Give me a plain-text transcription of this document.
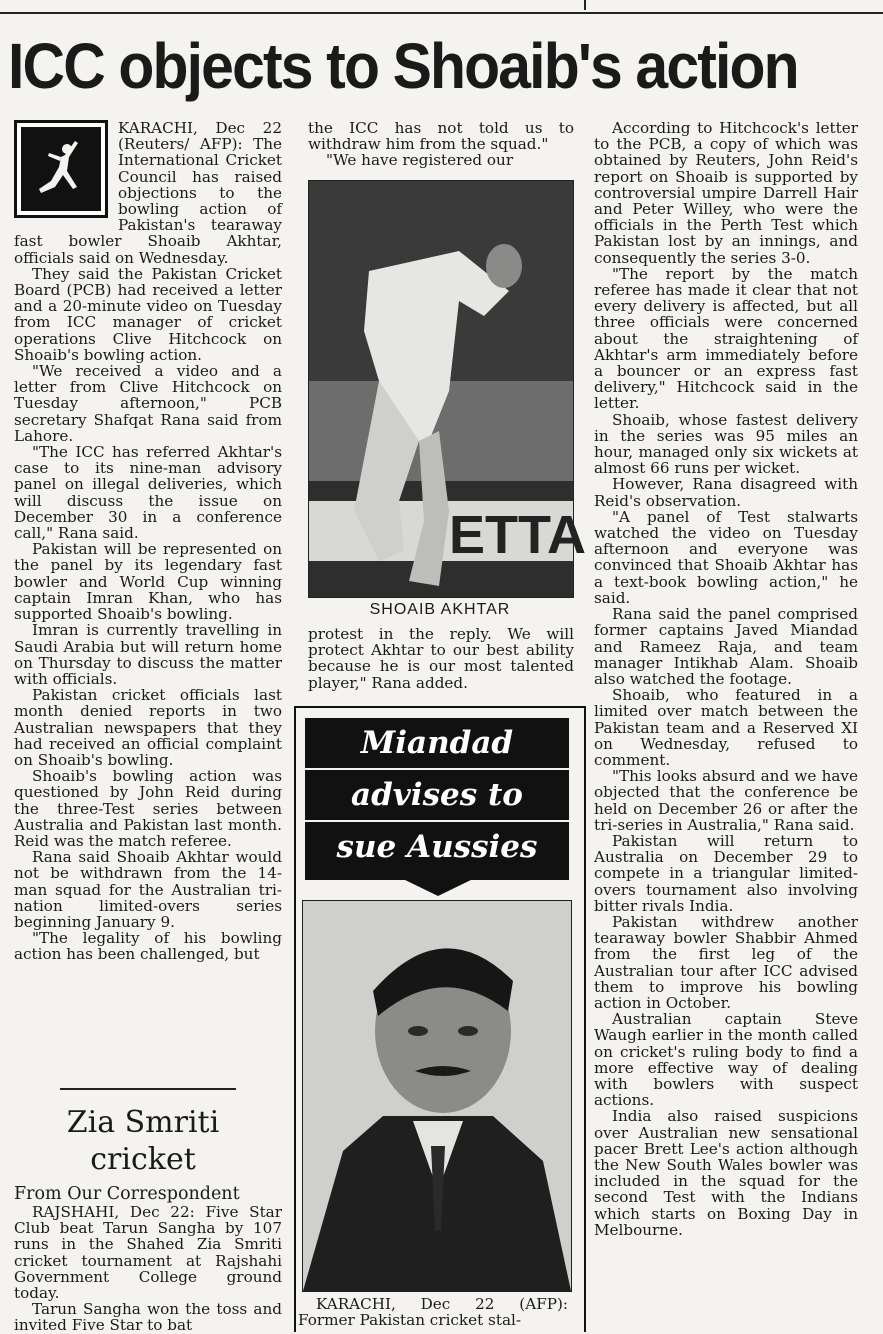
ICC objects to Shoaib's action

KARACHI, Dec 22 (Reuters/ AFP): The International Cricket Council has raised objections to the bowling action of Pakistan's tearaway fast bowler Shoaib Akhtar, officials said on Wednesday.

They said the Pakistan Cricket Board (PCB) had received a letter and a 20-minute video on Tuesday from ICC manager of cricket operations Clive Hitchcock on Shoaib's bowling action.

"We received a video and a letter from Clive Hitchcock on Tuesday afternoon," PCB secretary Shafqat Rana said from Lahore.

"The ICC has referred Akhtar's case to its nine-man advisory panel on illegal deliveries, which will discuss the issue on December 30 in a conference call," Rana said.

Pakistan will be represented on the panel by its legendary fast bowler and World Cup winning captain Imran Khan, who has supported Shoaib's bowling.

Imran is currently travelling in Saudi Arabia but will return home on Thursday to discuss the matter with officials.

Pakistan cricket officials last month denied reports in two Australian newspapers that they had received an official complaint on Shoaib's bowling.

Shoaib's bowling action was questioned by John Reid during the three-Test series between Australia and Pakistan last month. Reid was the match referee.

Rana said Shoaib Akhtar would not be withdrawn from the 14-man squad for the Australian tri-nation limited-overs series beginning January 9.

"The legality of his bowling action has been challenged, but

Zia Smriti cricket
From Our Correspondent

RAJSHAHI, Dec 22: Five Star Club beat Tarun Sangha by 107 runs in the Shahed Zia Smriti cricket tournament at Rajshahi Government College ground today.

Tarun Sangha won the toss and invited Five Star to bat

the ICC has not told us to withdraw him from the squad."

"We have registered our

ETTA
SHOAIB AKHTAR

protest in the reply. We will protect Akhtar to our best ability because he is our most talented player," Rana added.

Miandad
advises to
sue Aussies

KARACHI, Dec 22 (AFP): Former Pakistan cricket stal-

According to Hitchcock's letter to the PCB, a copy of which was obtained by Reuters, John Reid's report on Shoaib is supported by controversial umpire Darrell Hair and Peter Willey, who were the officials in the Perth Test which Pakistan lost by an innings, and consequently the series 3-0.

"The report by the match referee has made it clear that not every delivery is affected, but all three officials were concerned about the straightening of Akhtar's arm immediately before a bouncer or an express fast delivery," Hitchcock said in the letter.

Shoaib, whose fastest delivery in the series was 95 miles an hour, managed only six wickets at almost 66 runs per wicket.

However, Rana disagreed with Reid's observation.

"A panel of Test stalwarts watched the video on Tuesday afternoon and everyone was convinced that Shoaib Akhtar has a text-book bowling action," he said.

Rana said the panel comprised former captains Javed Miandad and Rameez Raja, and team manager Intikhab Alam. Shoaib also watched the footage.

Shoaib, who featured in a limited over match between the Pakistan team and a Reserved XI on Wednesday, refused to comment.

"This looks absurd and we have objected that the conference be held on December 26 or after the tri-series in Australia," Rana said.

Pakistan will return to Australia on December 29 to compete in a triangular limited-overs tournament also involving bitter rivals India.

Pakistan withdrew another tearaway bowler Shabbir Ahmed from the first leg of the Australian tour after ICC advised them to improve his bowling action in October.

Australian captain Steve Waugh earlier in the month called on cricket's ruling body to find a more effective way of dealing with bowlers with suspect actions.

India also raised suspicions over Australian new sensational pacer Brett Lee's action although the New South Wales bowler was included in the squad for the second Test with the Indians which starts on Boxing Day in Melbourne.
